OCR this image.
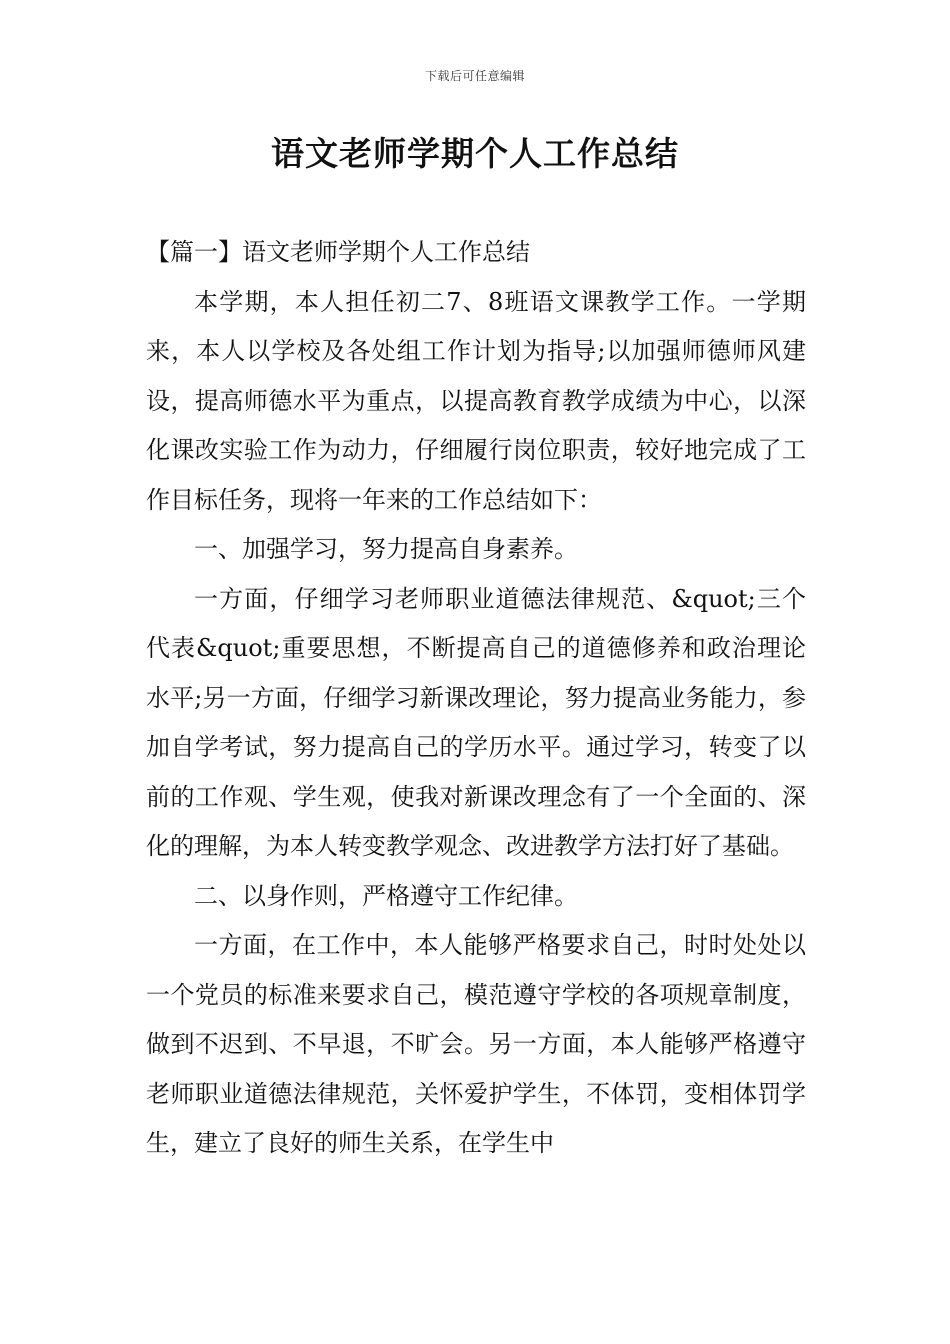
下载后可任意编辑
语文老师学期个人工作总结

【篇一】语文老师学期个人工作总结

本学期，本人担任初二7、8班语文课教学工作。一学期来，本人以学校及各处组工作计划为指导;以加强师德师风建设，提高师德水平为重点，以提高教育教学成绩为中心，以深化课改实验工作为动力，仔细履行岗位职责，较好地完成了工作目标任务，现将一年来的工作总结如下：

一、加强学习，努力提高自身素养。

一方面，仔细学习老师职业道德法律规范、&quot;三个代表&quot;重要思想，不断提高自己的道德修养和政治理论水平;另一方面，仔细学习新课改理论，努力提高业务能力，参加自学考试，努力提高自己的学历水平。通过学习，转变了以前的工作观、学生观，使我对新课改理念有了一个全面的、深化的理解，为本人转变教学观念、改进教学方法打好了基础。

二、以身作则，严格遵守工作纪律。

一方面，在工作中，本人能够严格要求自己，时时处处以一个党员的标准来要求自己，模范遵守学校的各项规章制度，做到不迟到、不早退，不旷会。另一方面，本人能够严格遵守老师职业道德法律规范，关怀爱护学生，不体罚，变相体罚学生，建立了良好的师生关系，在学生中
